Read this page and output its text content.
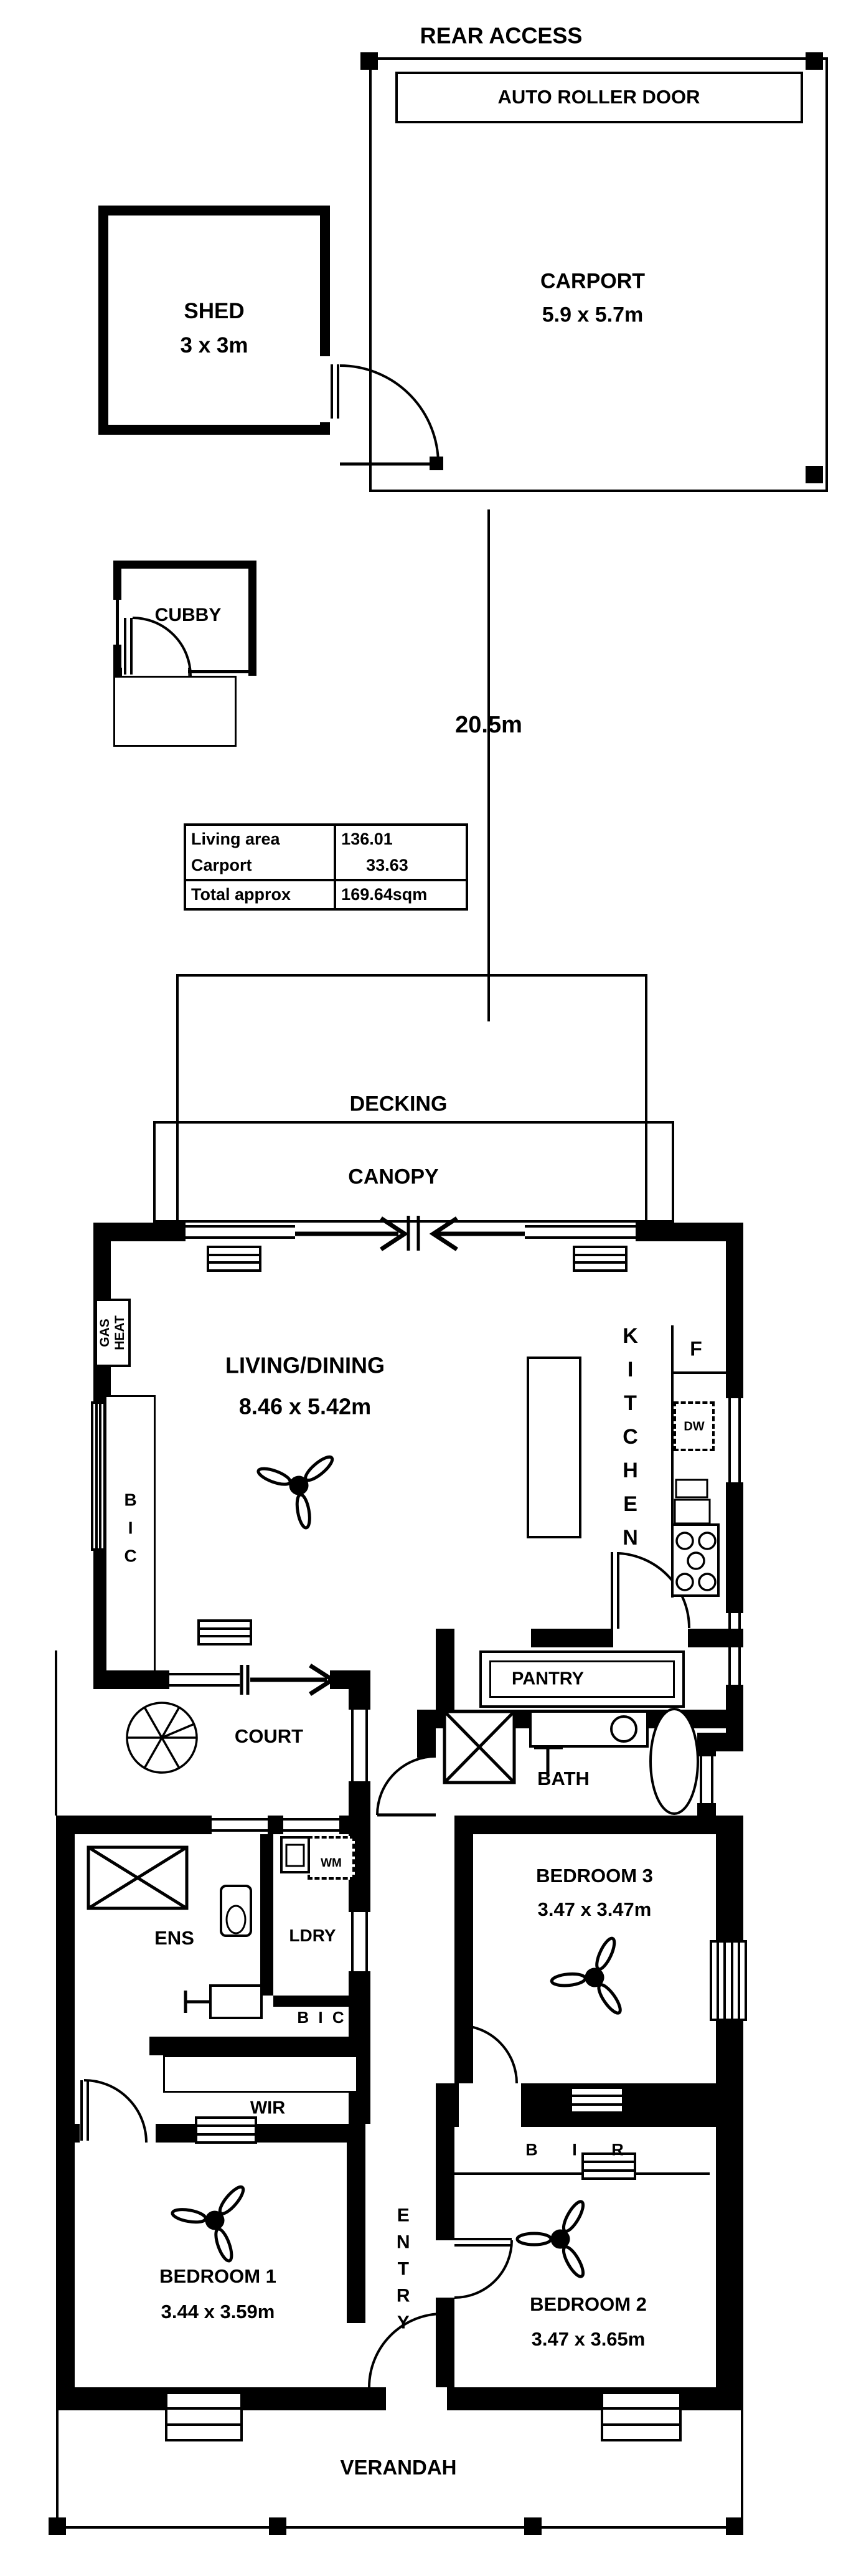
REAR ACCESS
AUTO ROLLER DOOR
CARPORT
5.9 x 5.7m
SHED
3 x 3m
CUBBY
20.5m
Living area	136.01
Carport	33.63
Total approx	169.64sqm
DECKING
CANOPY
GAS HEAT
BIC
F
DW
KITCHEN
PANTRY
WM
LIVING/DINING
8.46 x 5.42m
COURT
BATH
ENS	LDRY
B I C
WIR
B I R
BEDROOM 3
3.47 x 3.47m
BEDROOM 1
3.44 x 3.59m	BEDROOM 2
3.47 x 3.65m
ENTRY
VERANDAH
